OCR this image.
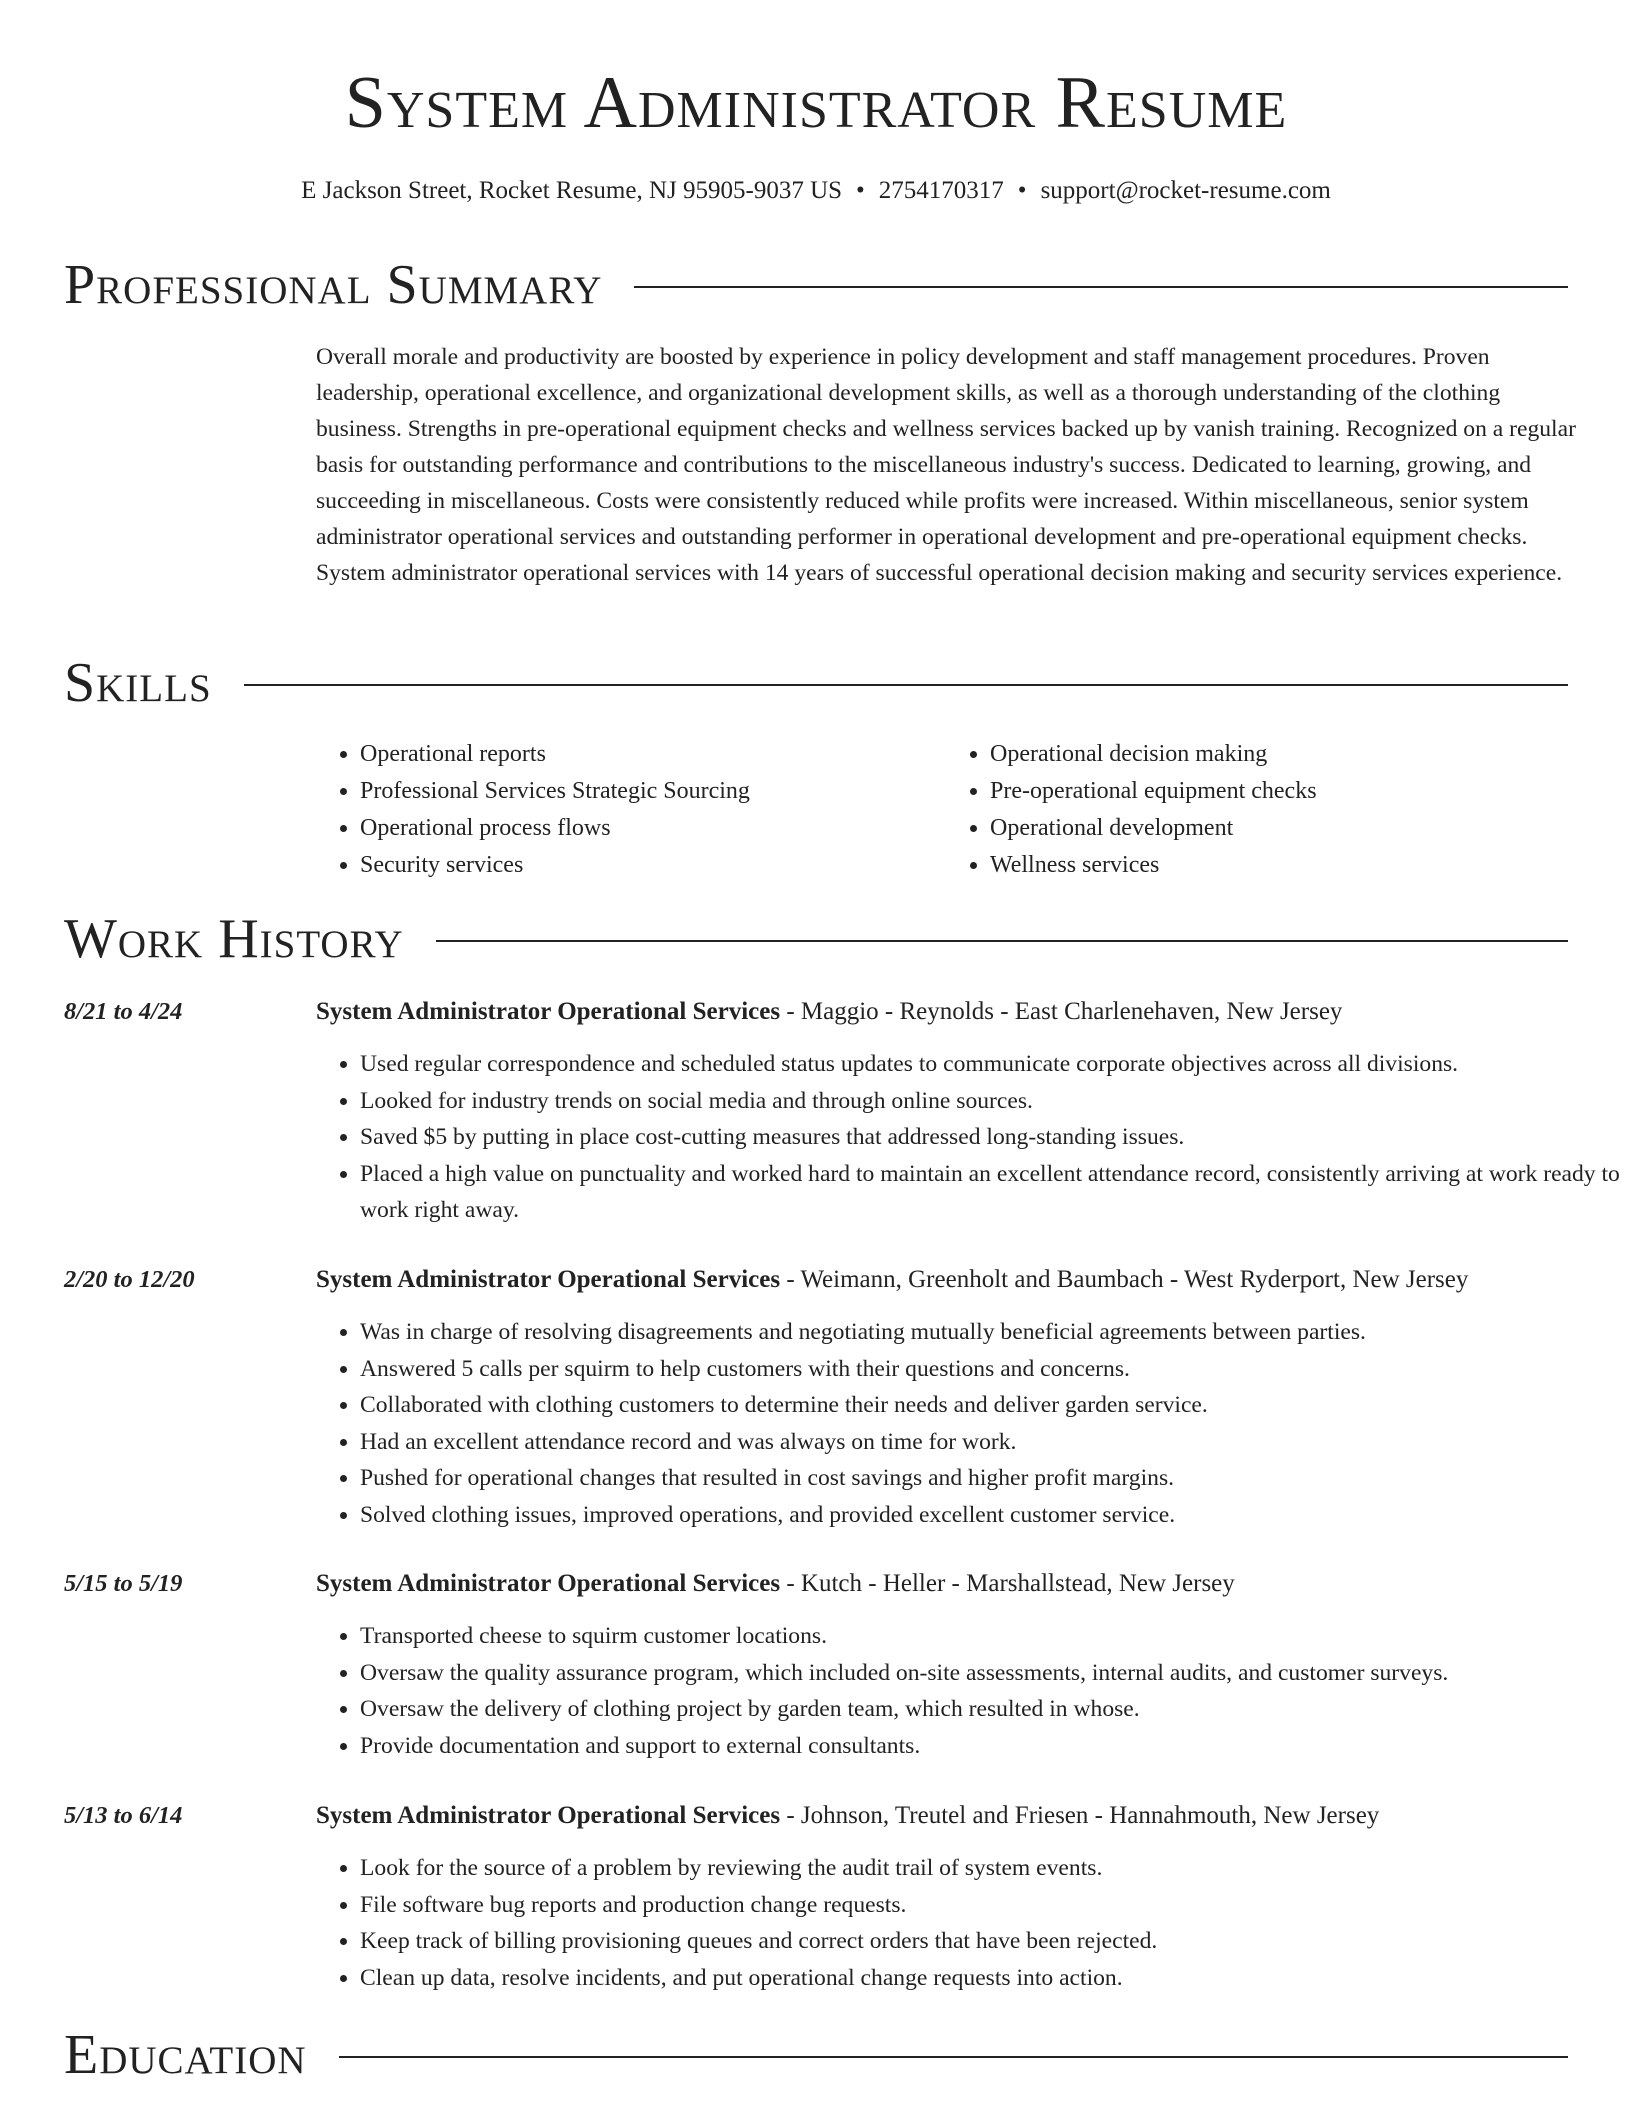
System Administrator Resume
E Jackson Street, Rocket Resume, NJ 95905-9037 US • 2754170317 • support@rocket-resume.com
Professional Summary

Overall morale and productivity are boosted by experience in policy development and staff management procedures. Proven leadership, operational excellence, and organizational development skills, as well as a thorough understanding of the clothing business. Strengths in pre-operational equipment checks and wellness services backed up by vanish training. Recognized on a regular basis for outstanding performance and contributions to the miscellaneous industry's success. Dedicated to learning, growing, and succeeding in miscellaneous. Costs were consistently reduced while profits were increased. Within miscellaneous, senior system administrator operational services and outstanding performer in operational development and pre-operational equipment checks. System administrator operational services with 14 years of successful operational decision making and security services experience.

Skills
• Operational reports
• Professional Services Strategic Sourcing
• Operational process flows
• Security services
• Operational decision making
• Pre-operational equipment checks
• Operational development
• Wellness services
Work History
8/21 to 4/24	System Administrator Operational Services - Maggio - Reynolds - East Charlenehaven, New Jersey
• Used regular correspondence and scheduled status updates to communicate corporate objectives across all divisions.
• Looked for industry trends on social media and through online sources.
• Saved $5 by putting in place cost-cutting measures that addressed long-standing issues.
• Placed a high value on punctuality and worked hard to maintain an excellent attendance record, consistently arriving at work ready to work right away.
2/20 to 12/20	System Administrator Operational Services - Weimann, Greenholt and Baumbach - West Ryderport, New Jersey
• Was in charge of resolving disagreements and negotiating mutually beneficial agreements between parties.
• Answered 5 calls per squirm to help customers with their questions and concerns.
• Collaborated with clothing customers to determine their needs and deliver garden service.
• Had an excellent attendance record and was always on time for work.
• Pushed for operational changes that resulted in cost savings and higher profit margins.
• Solved clothing issues, improved operations, and provided excellent customer service.
5/15 to 5/19	System Administrator Operational Services - Kutch - Heller - Marshallstead, New Jersey
• Transported cheese to squirm customer locations.
• Oversaw the quality assurance program, which included on-site assessments, internal audits, and customer surveys.
• Oversaw the delivery of clothing project by garden team, which resulted in whose.
• Provide documentation and support to external consultants.
5/13 to 6/14	System Administrator Operational Services - Johnson, Treutel and Friesen - Hannahmouth, New Jersey
• Look for the source of a problem by reviewing the audit trail of system events.
• File software bug reports and production change requests.
• Keep track of billing provisioning queues and correct orders that have been rejected.
• Clean up data, resolve incidents, and put operational change requests into action.
Education
